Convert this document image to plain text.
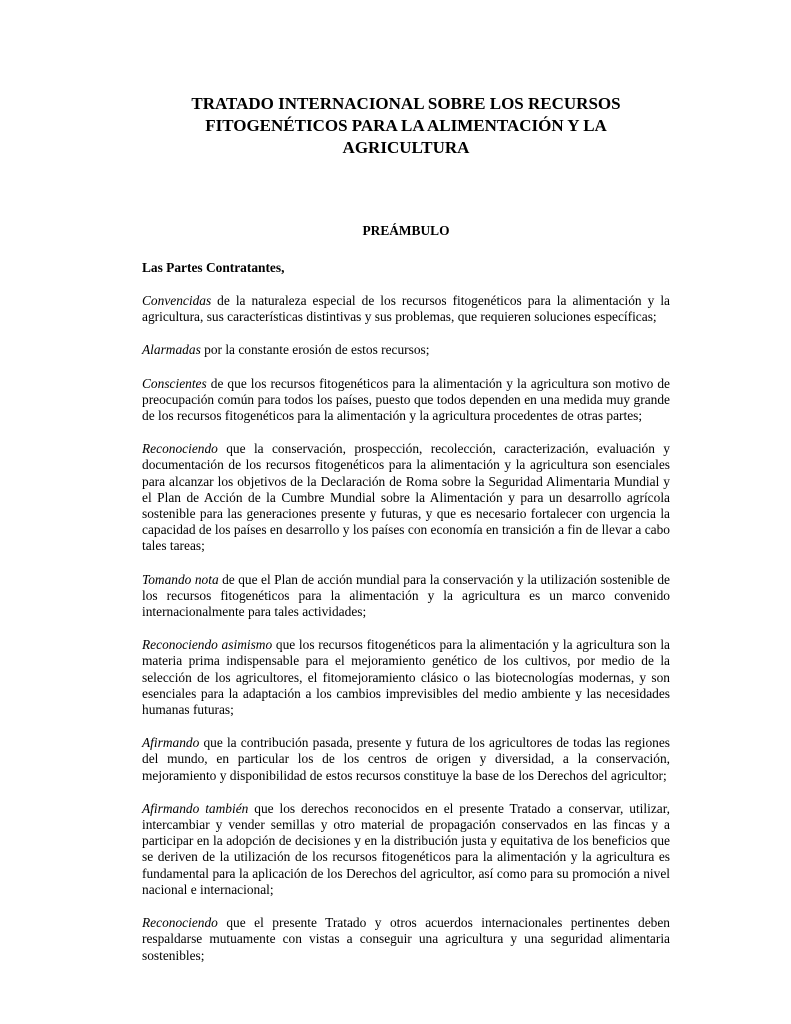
TRATADO INTERNACIONAL SOBRE LOS RECURSOS
FITOGENÉTICOS PARA LA ALIMENTACIÓN Y LA
AGRICULTURA
PREÁMBULO
Las Partes Contratantes,

Convencidas de la naturaleza especial de los recursos fitogenéticos para la alimentación y la agricultura, sus características distintivas y sus problemas, que requieren soluciones específicas;

Alarmadas por la constante erosión de estos recursos;

Conscientes de que los recursos fitogenéticos para la alimentación y la agricultura son motivo de preocupación común para todos los países, puesto que todos dependen en una medida muy grande de los recursos fitogenéticos para la alimentación y la agricultura procedentes de otras partes;

Reconociendo que la conservación, prospección, recolección, caracterización, evaluación y documentación de los recursos fitogenéticos para la alimentación y la agricultura son esenciales para alcanzar los objetivos de la Declaración de Roma sobre la Seguridad Alimentaria Mundial y el Plan de Acción de la Cumbre Mundial sobre la Alimentación y para un desarrollo agrícola sostenible para las generaciones presente y futuras, y que es necesario fortalecer con urgencia la capacidad de los países en desarrollo y los países con economía en transición a fin de llevar a cabo tales tareas;

Tomando nota de que el Plan de acción mundial para la conservación y la utilización sostenible de los recursos fitogenéticos para la alimentación y la agricultura es un marco convenido internacionalmente para tales actividades;

Reconociendo asimismo que los recursos fitogenéticos para la alimentación y la agricultura son la materia prima indispensable para el mejoramiento genético de los cultivos, por medio de la selección de los agricultores, el fitomejoramiento clásico o las biotecnologías modernas, y son esenciales para la adaptación a los cambios imprevisibles del medio ambiente y las necesidades humanas futuras;

Afirmando que la contribución pasada, presente y futura de los agricultores de todas las regiones del mundo, en particular los de los centros de origen y diversidad, a la conservación, mejoramiento y disponibilidad de estos recursos constituye la base de los Derechos del agricultor;

Afirmando también que los derechos reconocidos en el presente Tratado a conservar, utilizar, intercambiar y vender semillas y otro material de propagación conservados en las fincas y a participar en la adopción de decisiones y en la distribución justa y equitativa de los beneficios que se deriven de la utilización de los recursos fitogenéticos para la alimentación y la agricultura es fundamental para la aplicación de los Derechos del agricultor, así como para su promoción a nivel nacional e internacional;

Reconociendo que el presente Tratado y otros acuerdos internacionales pertinentes deben respaldarse mutuamente con vistas a conseguir una agricultura y una seguridad alimentaria sostenibles;
